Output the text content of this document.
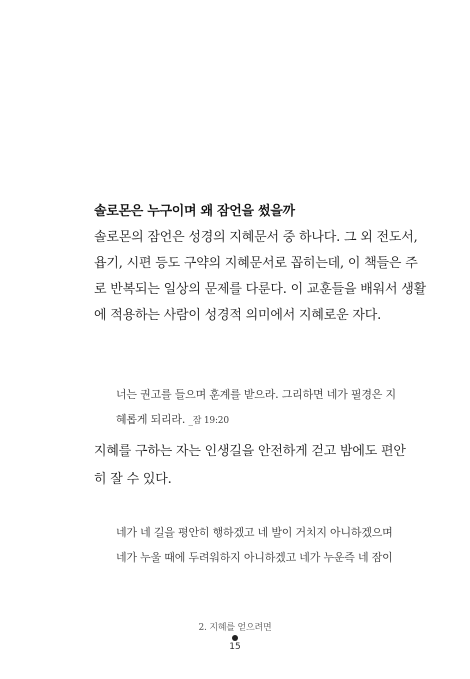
솔로몬은 누구이며 왜 잠언을 썼을까
솔로몬의 잠언은 성경의 지혜문서 중 하나다. 그 외 전도서,
욥기, 시편 등도 구약의 지혜문서로 꼽히는데, 이 책들은 주
로 반복되는 일상의 문제를 다룬다. 이 교훈들을 배워서 생활
에 적용하는 사람이 성경적 의미에서 지혜로운 자다.
너는 권고를 들으며 훈계를 받으라. 그리하면 네가 필경은 지
혜롭게 되리라. _잠 19:20
지혜를 구하는 자는 인생길을 안전하게 걷고 밤에도 편안
히 잘 수 있다.
네가 네 길을 평안히 행하겠고 네 발이 거치지 아니하겠으며
네가 누울 때에 두려워하지 아니하겠고 네가 누운즉 네 잠이
2. 지혜를 얻으려면
15
